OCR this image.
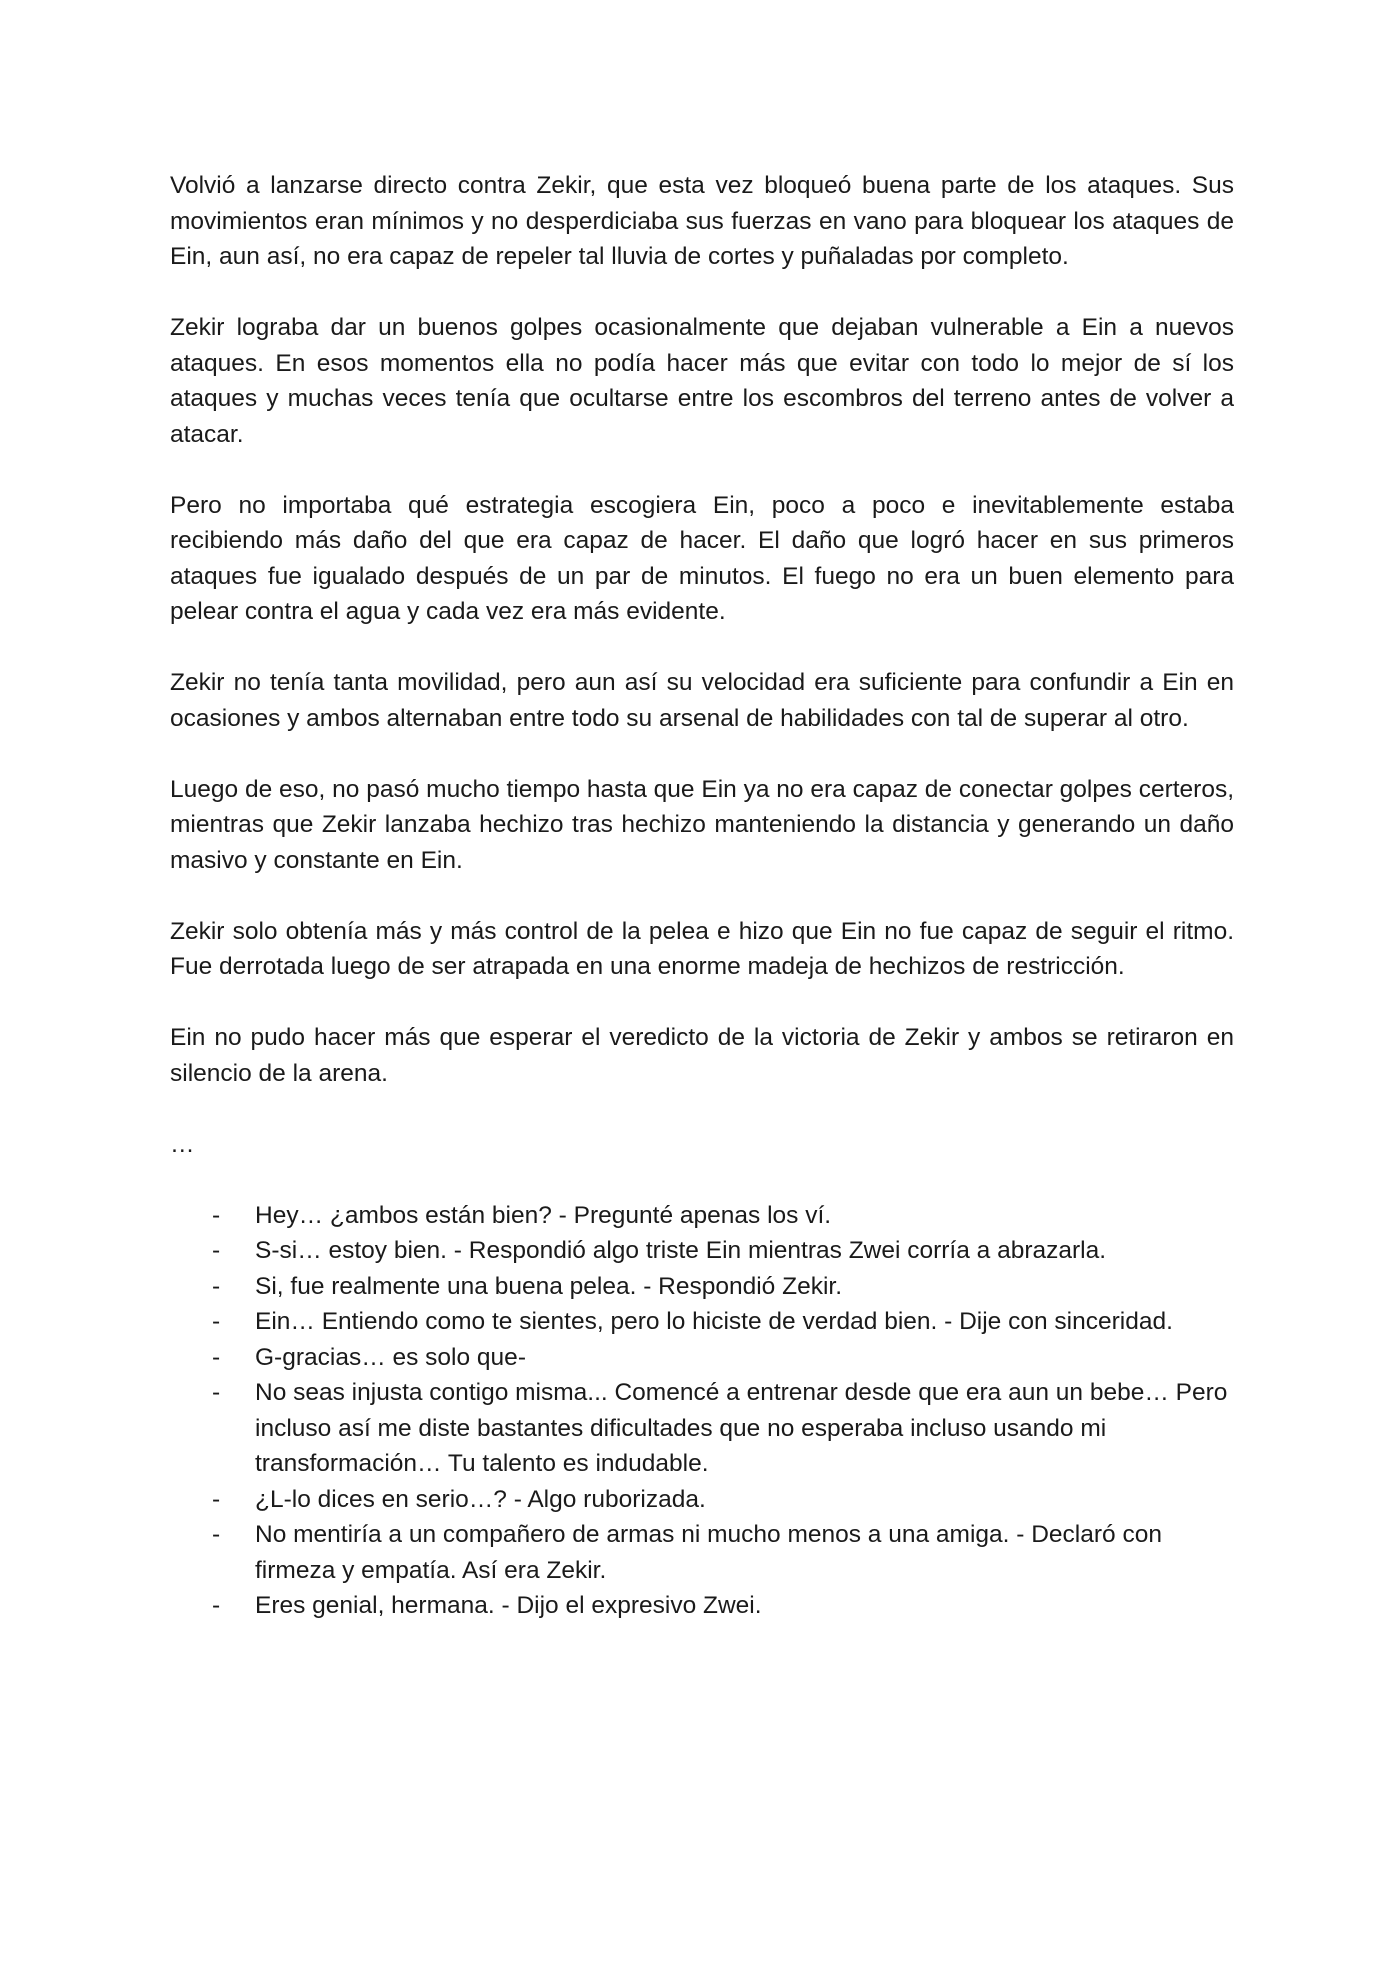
Volvió a lanzarse directo contra Zekir, que esta vez bloqueó buena parte de los ataques. Sus movimientos eran mínimos y no desperdiciaba sus fuerzas en vano para bloquear los ataques de Ein, aun así, no era capaz de repeler tal lluvia de cortes y puñaladas por completo.

Zekir lograba dar un buenos golpes ocasionalmente que dejaban vulnerable a Ein a nuevos ataques. En esos momentos ella no podía hacer más que evitar con todo lo mejor de sí los ataques y muchas veces tenía que ocultarse entre los escombros del terreno antes de volver a atacar.

Pero no importaba qué estrategia escogiera Ein, poco a poco e inevitablemente estaba recibiendo más daño del que era capaz de hacer. El daño que logró hacer en sus primeros ataques fue igualado después de un par de minutos. El fuego no era un buen elemento para pelear contra el agua y cada vez era más evidente.

Zekir no tenía tanta movilidad, pero aun así su velocidad era suficiente para confundir a Ein en ocasiones y ambos alternaban entre todo su arsenal de habilidades con tal de superar al otro.

Luego de eso, no pasó mucho tiempo hasta que Ein ya no era capaz de conectar golpes certeros, mientras que Zekir lanzaba hechizo tras hechizo manteniendo la distancia y generando un daño masivo y constante en Ein.

Zekir solo obtenía más y más control de la pelea e hizo que Ein no fue capaz de seguir el ritmo. Fue derrotada luego de ser atrapada en una enorme madeja de hechizos de restricción.

Ein no pudo hacer más que esperar el veredicto de la victoria de Zekir y ambos se retiraron en silencio de la arena.

…

- Hey… ¿ambos están bien? - Pregunté apenas los ví.
- S-si… estoy bien. - Respondió algo triste Ein mientras Zwei corría a abrazarla.
- Si, fue realmente una buena pelea. - Respondió Zekir.
- Ein… Entiendo como te sientes, pero lo hiciste de verdad bien. - Dije con sinceridad.
- G-gracias… es solo que-
- No seas injusta contigo misma... Comencé a entrenar desde que era aun un bebe… Pero incluso así me diste bastantes dificultades que no esperaba incluso usando mi transformación… Tu talento es indudable.
- ¿L-lo dices en serio…? - Algo ruborizada.
- No mentiría a un compañero de armas ni mucho menos a una amiga. - Declaró con firmeza y empatía. Así era Zekir.
- Eres genial, hermana. - Dijo el expresivo Zwei.
